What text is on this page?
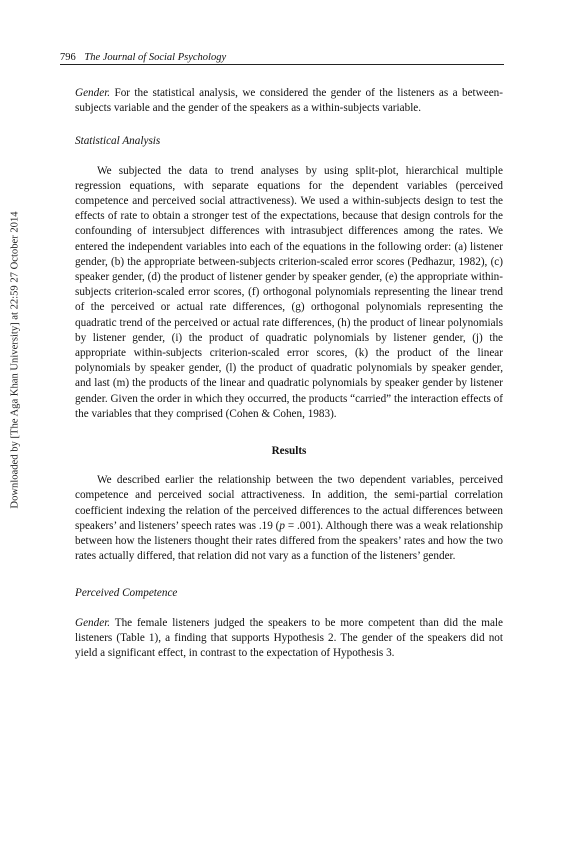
Downloaded by [The Aga Khan University] at 22:59 27 October 2014
796 The Journal of Social Psychology

Gender. For the statistical analysis, we considered the gender of the listeners as a between-subjects variable and the gender of the speakers as a within-subjects variable.

Statistical Analysis

We subjected the data to trend analyses by using split-plot, hierarchical multiple regression equations, with separate equations for the dependent variables (perceived competence and perceived social attractiveness). We used a within-subjects design to test the effects of rate to obtain a stronger test of the expectations, because that design controls for the confounding of intersubject differences with intrasubject differences among the rates. We entered the independent variables into each of the equations in the following order: (a) listener gender, (b) the appropriate between-subjects criterion-scaled error scores (Pedhazur, 1982), (c) speaker gender, (d) the product of listener gender by speaker gender, (e) the appropriate within-subjects criterion-scaled error scores, (f) orthogonal polynomials representing the linear trend of the perceived or actual rate differences, (g) orthogonal polynomials representing the quadratic trend of the perceived or actual rate differences, (h) the product of linear polynomials by listener gender, (i) the product of quadratic polynomials by listener gender, (j) the appropriate within-subjects criterion-scaled error scores, (k) the product of the linear polynomials by speaker gender, (l) the product of quadratic polynomials by speaker gender, and last (m) the products of the linear and quadratic polynomials by speaker gender by listener gender. Given the order in which they occurred, the products “carried” the interaction effects of the variables that they comprised (Cohen & Cohen, 1983).

Results

We described earlier the relationship between the two dependent variables, perceived competence and perceived social attractiveness. In addition, the semi-partial correlation coefficient indexing the relation of the perceived differences to the actual differences between speakers’ and listeners’ speech rates was .19 (p = .001). Although there was a weak relationship between how the listeners thought their rates differed from the speakers’ rates and how the two rates actually differed, that relation did not vary as a function of the listeners’ gender.

Perceived Competence

Gender. The female listeners judged the speakers to be more competent than did the male listeners (Table 1), a finding that supports Hypothesis 2. The gender of the speakers did not yield a significant effect, in contrast to the expectation of Hypothesis 3.
